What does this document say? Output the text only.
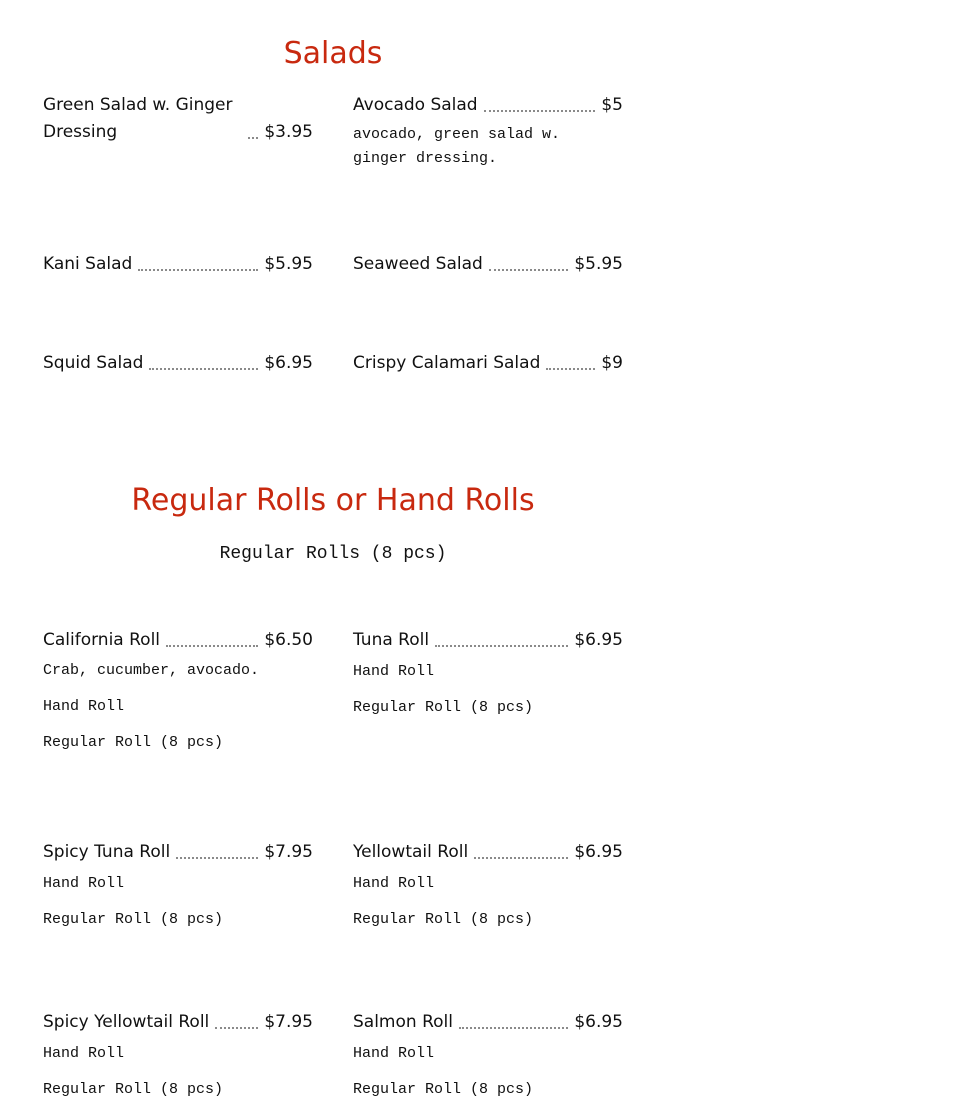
Salads
Green Salad w. Ginger Dressing	$3.95
Avocado Salad	$5
avocado, green salad w. ginger dressing.
Kani Salad	$5.95 Seaweed Salad	$5.95
Squid Salad	$6.95 Crispy Calamari Salad	$9
Regular Rolls or Hand Rolls
Regular Rolls (8 pcs)
California Roll	$6.50
Crab, cucumber, avocado.
Hand Roll
Regular Roll (8 pcs)
Tuna Roll	$6.95
Hand Roll
Regular Roll (8 pcs)
Spicy Tuna Roll	$7.95
Hand Roll
Regular Roll (8 pcs)
Yellowtail Roll	$6.95
Hand Roll
Regular Roll (8 pcs)
Spicy Yellowtail Roll	$7.95
Hand Roll
Regular Roll (8 pcs)
Salmon Roll	$6.95
Hand Roll
Regular Roll (8 pcs)
